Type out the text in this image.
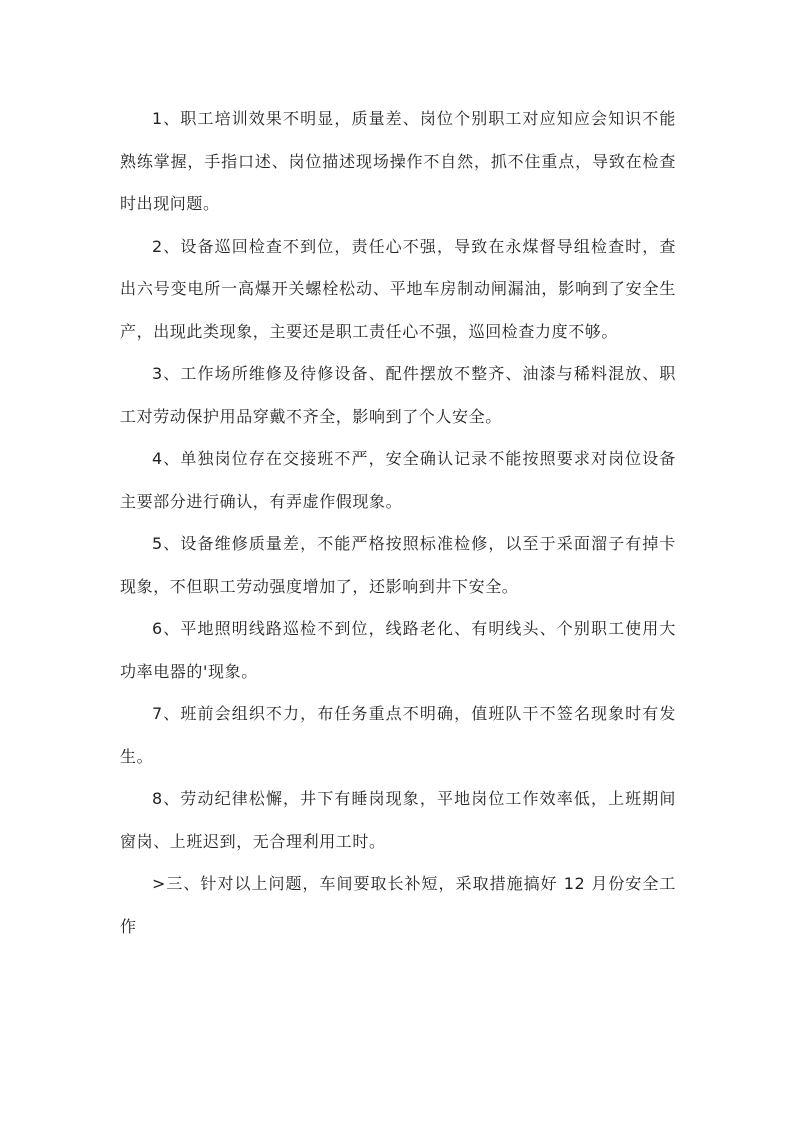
1、职工培训效果不明显，质量差、岗位个别职工对应知应会知识不能熟练掌握，手指口述、岗位描述现场操作不自然，抓不住重点，导致在检查时出现问题。

2、设备巡回检查不到位，责任心不强，导致在永煤督导组检查时，查出六号变电所一高爆开关螺栓松动、平地车房制动闸漏油，影响到了安全生产，出现此类现象，主要还是职工责任心不强，巡回检查力度不够。

3、工作场所维修及待修设备、配件摆放不整齐、油漆与稀料混放、职工对劳动保护用品穿戴不齐全，影响到了个人安全。

4、单独岗位存在交接班不严，安全确认记录不能按照要求对岗位设备主要部分进行确认，有弄虚作假现象。

5、设备维修质量差，不能严格按照标准检修，以至于采面溜子有掉卡现象，不但职工劳动强度增加了，还影响到井下安全。

6、平地照明线路巡检不到位，线路老化、有明线头、个别职工使用大功率电器的'现象。

7、班前会组织不力，布任务重点不明确，值班队干不签名现象时有发生。

8、劳动纪律松懈，井下有睡岗现象，平地岗位工作效率低，上班期间窗岗、上班迟到，无合理利用工时。

>三、针对以上问题，车间要取长补短，采取措施搞好 12 月份安全工作
